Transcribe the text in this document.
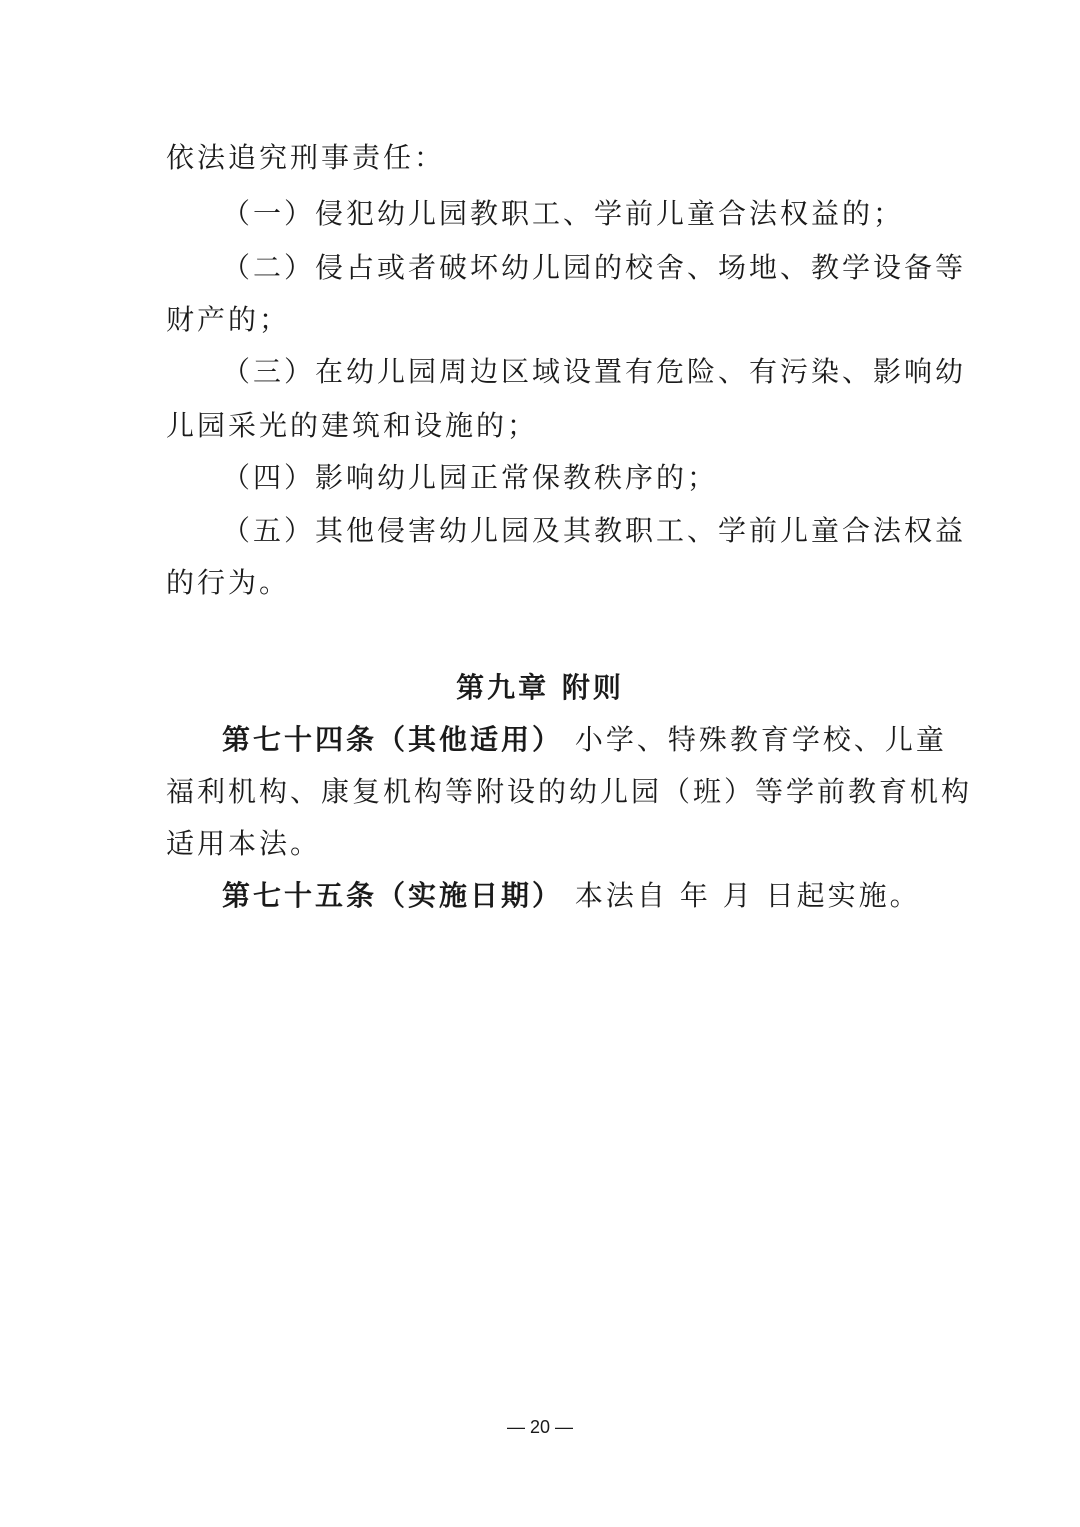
依法追究刑事责任：
（一）侵犯幼儿园教职工、学前儿童合法权益的；
（二）侵占或者破坏幼儿园的校舍、场地、教学设备等
财产的；
（三）在幼儿园周边区域设置有危险、有污染、影响幼
儿园采光的建筑和设施的；
（四）影响幼儿园正常保教秩序的；
（五）其他侵害幼儿园及其教职工、学前儿童合法权益
的行为。
第九章 附则
第七十四条（其他适用） 小学、特殊教育学校、儿童
福利机构、康复机构等附设的幼儿园（班）等学前教育机构
适用本法。
第七十五条（实施日期） 本法自 年 月 日起实施。
— 20 —
